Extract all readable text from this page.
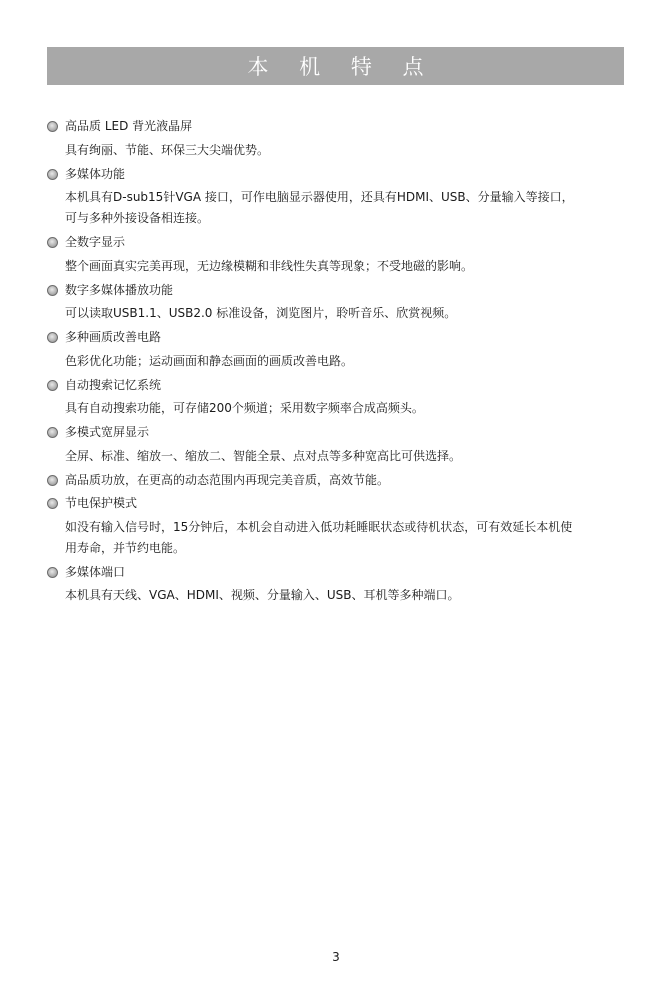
本 机 特 点
高品质 LED 背光液晶屏
具有绚丽、节能、环保三大尖端优势。
多媒体功能
本机具有D-sub15针VGA 接口，可作电脑显示器使用，还具有HDMI、USB、分量输入等接口，
可与多种外接设备相连接。
全数字显示
整个画面真实完美再现，无边缘模糊和非线性失真等现象；不受地磁的影响。
数字多媒体播放功能
可以读取USB1.1、USB2.0 标准设备，浏览图片，聆听音乐、欣赏视频。
多种画质改善电路
色彩优化功能；运动画面和静态画面的画质改善电路。
自动搜索记忆系统
具有自动搜索功能，可存储200个频道；采用数字频率合成高频头。
多模式宽屏显示
全屏、标准、缩放一、缩放二、智能全景、点对点等多种宽高比可供选择。
高品质功放，在更高的动态范围内再现完美音质，高效节能。
节电保护模式
如没有输入信号时，15分钟后，本机会自动进入低功耗睡眠状态或待机状态，可有效延长本机使
用寿命，并节约电能。
多媒体端口
本机具有天线、VGA、HDMI、视频、分量输入、USB、耳机等多种端口。
3
